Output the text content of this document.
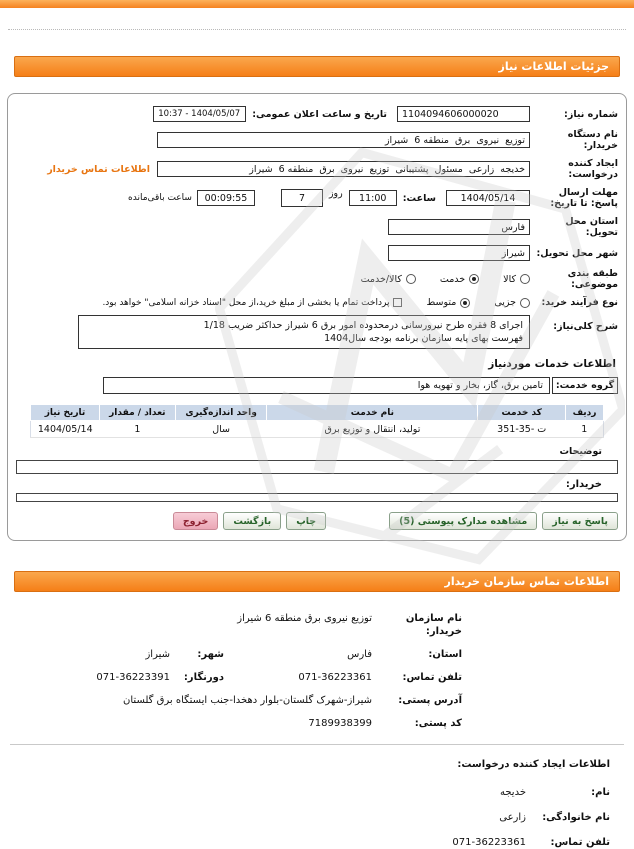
جزئیات اطلاعات نیاز
شماره نیاز:
1104094606000020
تاریخ و ساعت اعلان عمومی:
10:37 - 1404/05/07
نام دستگاه خریدار:
توزیع نیروی برق منطقه 6 شیراز
ایجاد کننده درخواست:
خدیجه زارعی مسئول پشتیبانی توزیع نیروی برق منطقه 6 شیراز
اطلاعات تماس خریدار
مهلت ارسال پاسخ: تا تاریخ:
1404/05/14
ساعت:
11:00
روز
7
00:09:55
ساعت باقی‌مانده
استان محل تحویل:
فارس
شهر محل تحویل:
شیراز
طبقه بندی موضوعی:
کالا
خدمت
کالا/خدمت
نوع فرآیند خرید:
جزیی
متوسط
پرداخت تمام یا بخشی از مبلغ خرید،از محل "اسناد خزانه اسلامی" خواهد بود.
شرح کلی‌نیاز:
اجرای 8 فقره طرح نیرورسانی درمحدوده امور برق 6 شیراز حداکثر ضریب 1/18
فهرست بهای پایه سازمان برنامه بودجه سال1404
اطلاعات خدمات موردنیاز
گروه خدمت:
تامین برق، گاز، بخار و تهویه هوا
ردیف	کد خدمت	نام خدمت	واحد اندازه‌گیری	تعداد / مقدار	تاریخ نیاز
1	ت -35-351	تولید، انتقال و توزیع برق	سال	1	1404/05/14
توضیحات
خریدار:
پاسخ به نیاز
مشاهده مدارک پیوستی (5)
چاپ
بازگشت
خروج
اطلاعات تماس سازمان خریدار
نام سازمان خریدار:
توزیع نیروی برق منطقه 6 شیراز
استان:
فارس
شهر:
شیراز
تلفن تماس:
071-36223361
دورنگار:
071-36223391
آدرس پستی:
شیراز-شهرک گلستان-بلوار دهخدا-جنب ایستگاه برق گلستان
کد پستی:
7189938399
اطلاعات ایجاد کننده درخواست:
نام:
خدیجه
نام خانوادگی:
زارعی
تلفن تماس:
071-36223361
